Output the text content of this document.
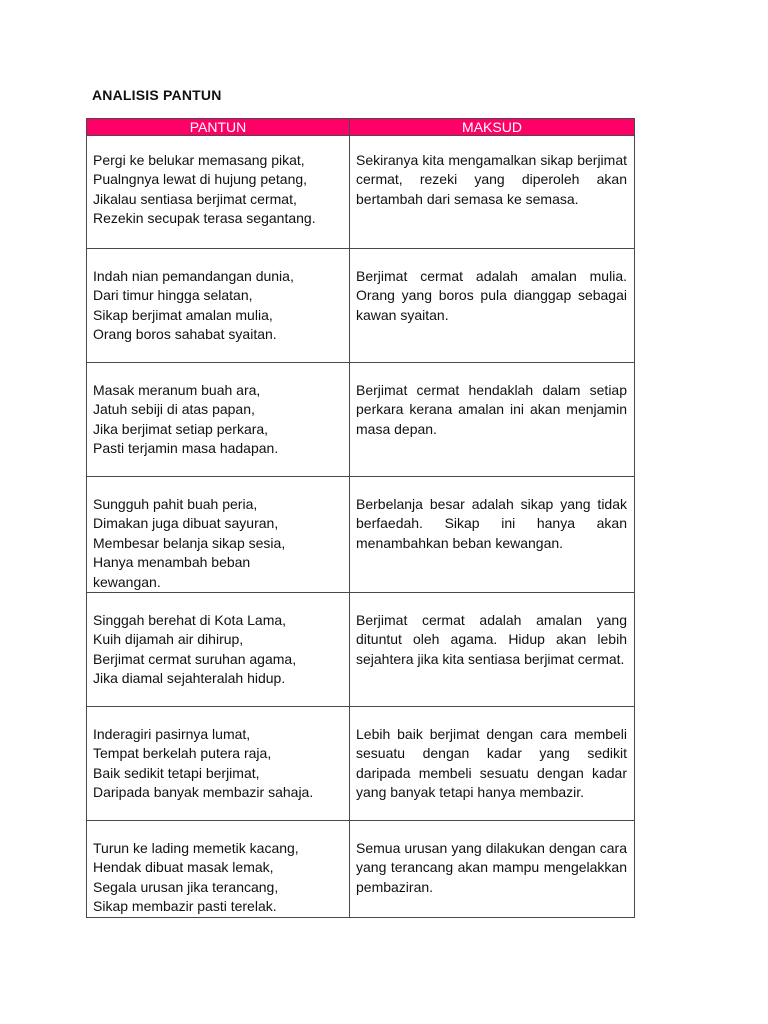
ANALISIS PANTUN
PANTUN	MAKSUD

Pergi ke belukar memasang pikat,
Pualngnya lewat di hujung petang,
Jikalau sentiasa berjimat cermat,
Rezekin secupak terasa segantang.	Sekiranya kita mengamalkan sikap berjimat cermat, rezeki yang diperoleh akan bertambah dari semasa ke semasa.

Indah nian pemandangan dunia,
Dari timur hingga selatan,
Sikap berjimat amalan mulia,
Orang boros sahabat syaitan.	Berjimat cermat adalah amalan mulia. Orang yang boros pula dianggap sebagai kawan syaitan.

Masak meranum buah ara,
Jatuh sebiji di atas papan,
Jika berjimat setiap perkara,
Pasti terjamin masa hadapan.	Berjimat cermat hendaklah dalam setiap perkara kerana amalan ini akan menjamin masa depan.

Sungguh pahit buah peria,
Dimakan juga dibuat sayuran,
Membesar belanja sikap sesia,
Hanya menambah beban
kewangan.	Berbelanja besar adalah sikap yang tidak berfaedah. Sikap ini hanya akan menambahkan beban kewangan.

Singgah berehat di Kota Lama,
Kuih dijamah air dihirup,
Berjimat cermat suruhan agama,
Jika diamal sejahteralah hidup.	Berjimat cermat adalah amalan yang dituntut oleh agama. Hidup akan lebih sejahtera jika kita sentiasa berjimat cermat.

Inderagiri pasirnya lumat,
Tempat berkelah putera raja,
Baik sedikit tetapi berjimat,
Daripada banyak membazir sahaja.	Lebih baik berjimat dengan cara membeli sesuatu dengan kadar yang sedikit daripada membeli sesuatu dengan kadar yang banyak tetapi hanya membazir.

Turun ke lading memetik kacang,
Hendak dibuat masak lemak,
Segala urusan jika terancang,
Sikap membazir pasti terelak.	Semua urusan yang dilakukan dengan cara yang terancang akan mampu mengelakkan pembaziran.
